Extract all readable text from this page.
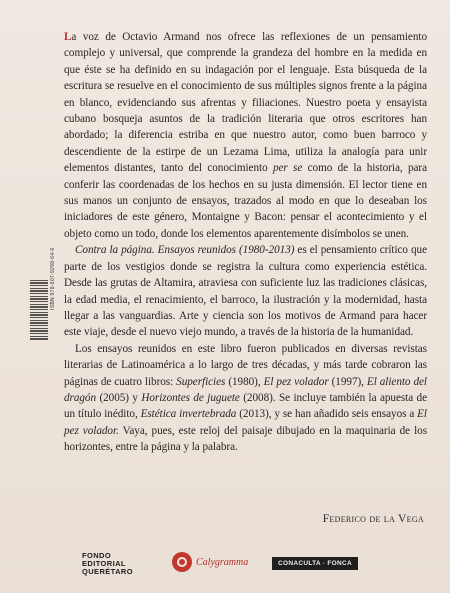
La voz de Octavio Armand nos ofrece las reflexiones de un pensamiento complejo y universal, que comprende la grandeza del hombre en la medida en que éste se ha definido en su indagación por el lenguaje. Esta búsqueda de la escritura se resuelve en el conocimiento de sus múltiples signos frente a la página en blanco, evidenciando sus afrentas y filiaciones. Nuestro poeta y ensayista cubano bosqueja asuntos de la tradición literaria que otros escritores han abordado; la diferencia estriba en que nuestro autor, como buen barroco y descendiente de la estirpe de un Lezama Lima, utiliza la analogía para unir elementos distantes, tanto del conocimiento per se como de la historia, para conferir las coordenadas de los hechos en su justa dimensión. El lector tiene en sus manos un conjunto de ensayos, trazados al modo en que lo deseaban los iniciadores de este género, Montaigne y Bacon: pensar el acontecimiento y el objeto como un todo, donde los elementos aparentemente disímbolos se unen.

Contra la página. Ensayos reunidos (1980-2013) es el pensamiento crítico que parte de los vestigios donde se registra la cultura como experiencia estética. Desde las grutas de Altamira, atraviesa con suficiente luz las tradiciones clásicas, la edad media, el renacimiento, el barroco, la ilustración y la modernidad, hasta llegar a las vanguardias. Arte y ciencia son los motivos de Armand para hacer este viaje, desde el nuevo viejo mundo, a través de la historia de la humanidad.

Los ensayos reunidos en este libro fueron publicados en diversas revistas literarias de Latinoamérica a lo largo de tres décadas, y más tarde cobraron las páginas de cuatro libros: Superficies (1980), El pez volador (1997), El aliento del dragón (2005) y Horizontes de juguete (2008). Se incluye también la apuesta de un título inédito, Estética invertebrada (2013), y se han añadido seis ensayos a El pez volador. Vaya, pues, este reloj del paisaje dibujado en la maquinaria de los horizontes, entre la página y la palabra.

Federico de la Vega
ISBN 978-607-9298-64-6
FONDO
EDITORIAL
QUERÉTARO
Calygramma	CONACULTA · FONCA
